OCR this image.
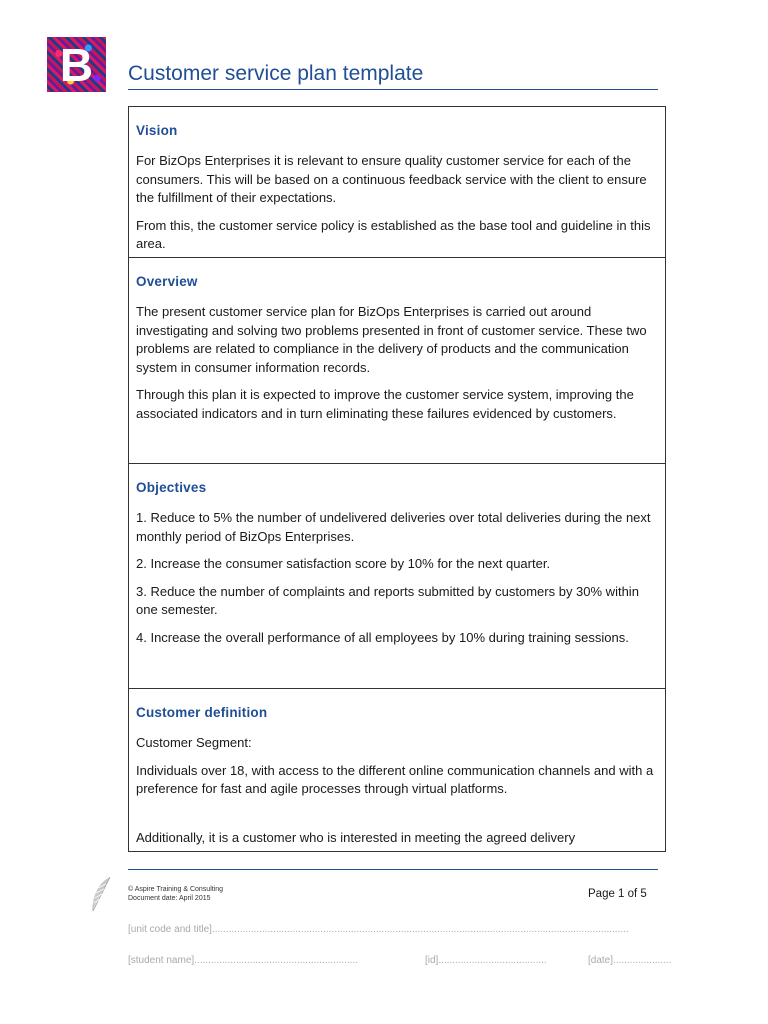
B	Customer service plan template
Vision

For BizOps Enterprises it is relevant to ensure quality customer service for each of the consumers. This will be based on a continuous feedback service with the client to ensure the fulfillment of their expectations.

From this, the customer service policy is established as the base tool and guideline in this area.

Overview

The present customer service plan for BizOps Enterprises is carried out around investigating and solving two problems presented in front of customer service. These two problems are related to compliance in the delivery of products and the communication system in consumer information records.

Through this plan it is expected to improve the customer service system, improving the associated indicators and in turn eliminating these failures evidenced by customers.

Objectives

1. Reduce to 5% the number of undelivered deliveries over total deliveries during the next monthly period of BizOps Enterprises.

2. Increase the consumer satisfaction score by 10% for the next quarter.

3. Reduce the number of complaints and reports submitted by customers by 30% within one semester.

4. Increase the overall performance of all employees by 10% during training sessions.

Customer definition

Customer Segment:

Individuals over 18, with access to the different online communication channels and with a preference for fast and agile processes through virtual platforms.

Additionally, it is a customer who is interested in meeting the agreed delivery

© Aspire Training & Consulting
Document date: April 2015	Page 1 of 5
[unit code and title]......................................................................................................................................................
[student name]...........................................................	[id].......................................	[date].....................
